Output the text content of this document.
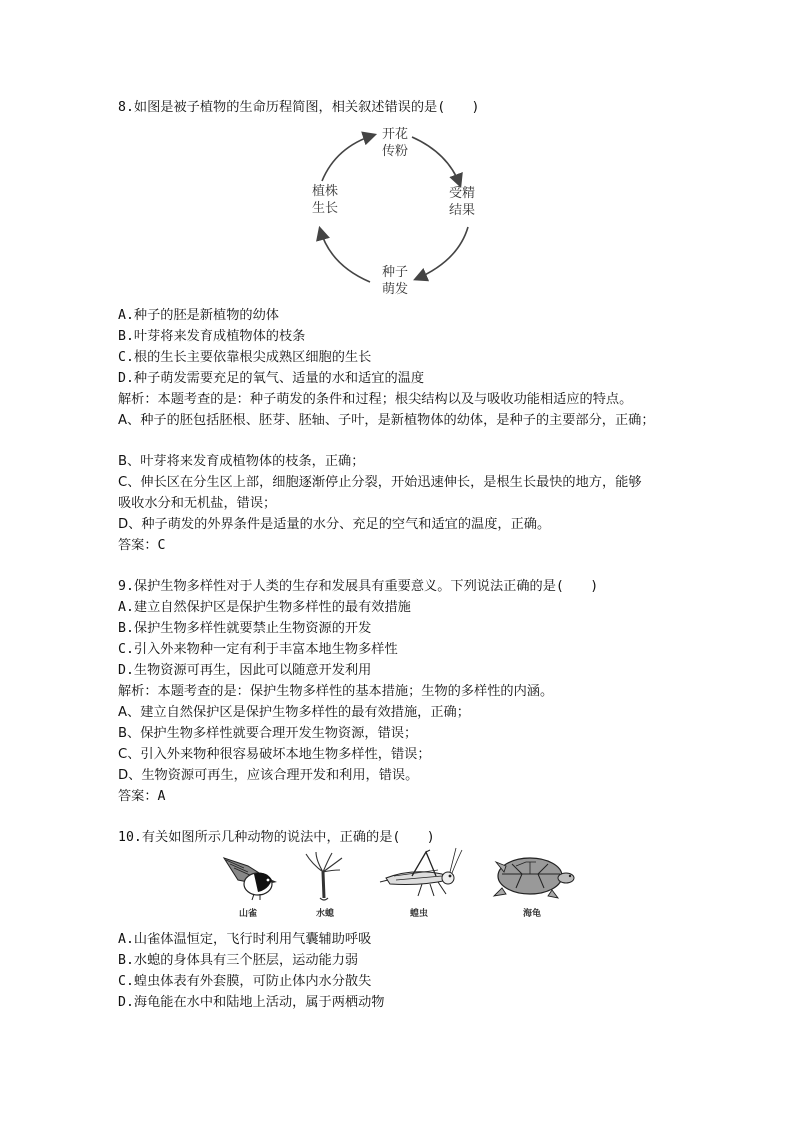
8.如图是被子植物的生命历程简图，相关叙述错误的是(　　)
开花
传粉
受精
结果
种子
萌发
植株
生长
A.种子的胚是新植物的幼体
B.叶芽将来发育成植物体的枝条
C.根的生长主要依靠根尖成熟区细胞的生长
D.种子萌发需要充足的氧气、适量的水和适宜的温度
解析：本题考查的是：种子萌发的条件和过程；根尖结构以及与吸收功能相适应的特点。
A、种子的胚包括胚根、胚芽、胚轴、子叶，是新植物体的幼体，是种子的主要部分，正确；
B、叶芽将来发育成植物体的枝条，正确；
C、伸长区在分生区上部，细胞逐渐停止分裂，开始迅速伸长，是根生长最快的地方，能够
吸收水分和无机盐，错误；
D、种子萌发的外界条件是适量的水分、充足的空气和适宜的温度，正确。
答案：C
9.保护生物多样性对于人类的生存和发展具有重要意义。下列说法正确的是(　　)
A.建立自然保护区是保护生物多样性的最有效措施
B.保护生物多样性就要禁止生物资源的开发
C.引入外来物种一定有利于丰富本地生物多样性
D.生物资源可再生，因此可以随意开发利用
解析：本题考查的是：保护生物多样性的基本措施；生物的多样性的内涵。
A、建立自然保护区是保护生物多样性的最有效措施，正确；
B、保护生物多样性就要合理开发生物资源，错误；
C、引入外来物种很容易破坏本地生物多样性，错误；
D、生物资源可再生，应该合理开发和利用，错误。
答案：A
10.有关如图所示几种动物的说法中，正确的是(　　)
山雀	水螅	蝗虫	海龟
A.山雀体温恒定，飞行时利用气囊辅助呼吸
B.水螅的身体具有三个胚层，运动能力弱
C.蝗虫体表有外套膜，可防止体内水分散失
D.海龟能在水中和陆地上活动，属于两栖动物
